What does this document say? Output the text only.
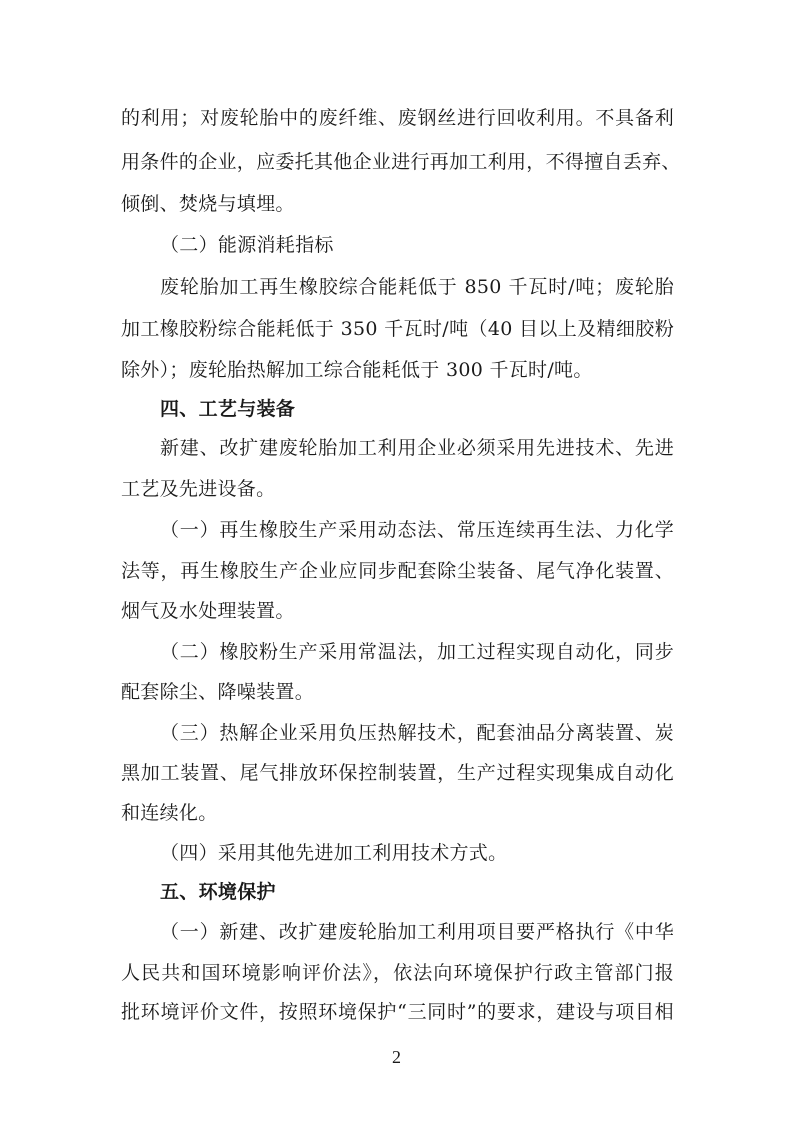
的利用；对废轮胎中的废纤维、废钢丝进行回收利用。不具备利
用条件的企业，应委托其他企业进行再加工利用，不得擅自丢弃、
倾倒、焚烧与填埋。
（二）能源消耗指标
废轮胎加工再生橡胶综合能耗低于 850 千瓦时/吨；废轮胎
加工橡胶粉综合能耗低于 350 千瓦时/吨（40 目以上及精细胶粉
除外）；废轮胎热解加工综合能耗低于 300 千瓦时/吨。
四、工艺与装备
新建、改扩建废轮胎加工利用企业必须采用先进技术、先进
工艺及先进设备。
（一）再生橡胶生产采用动态法、常压连续再生法、力化学
法等，再生橡胶生产企业应同步配套除尘装备、尾气净化装置、
烟气及水处理装置。
（二）橡胶粉生产采用常温法，加工过程实现自动化，同步
配套除尘、降噪装置。
（三）热解企业采用负压热解技术，配套油品分离装置、炭
黑加工装置、尾气排放环保控制装置，生产过程实现集成自动化
和连续化。
（四）采用其他先进加工利用技术方式。
五、环境保护
（一）新建、改扩建废轮胎加工利用项目要严格执行《中华
人民共和国环境影响评价法》，依法向环境保护行政主管部门报
批环境评价文件，按照环境保护“三同时”的要求，建设与项目相
2
